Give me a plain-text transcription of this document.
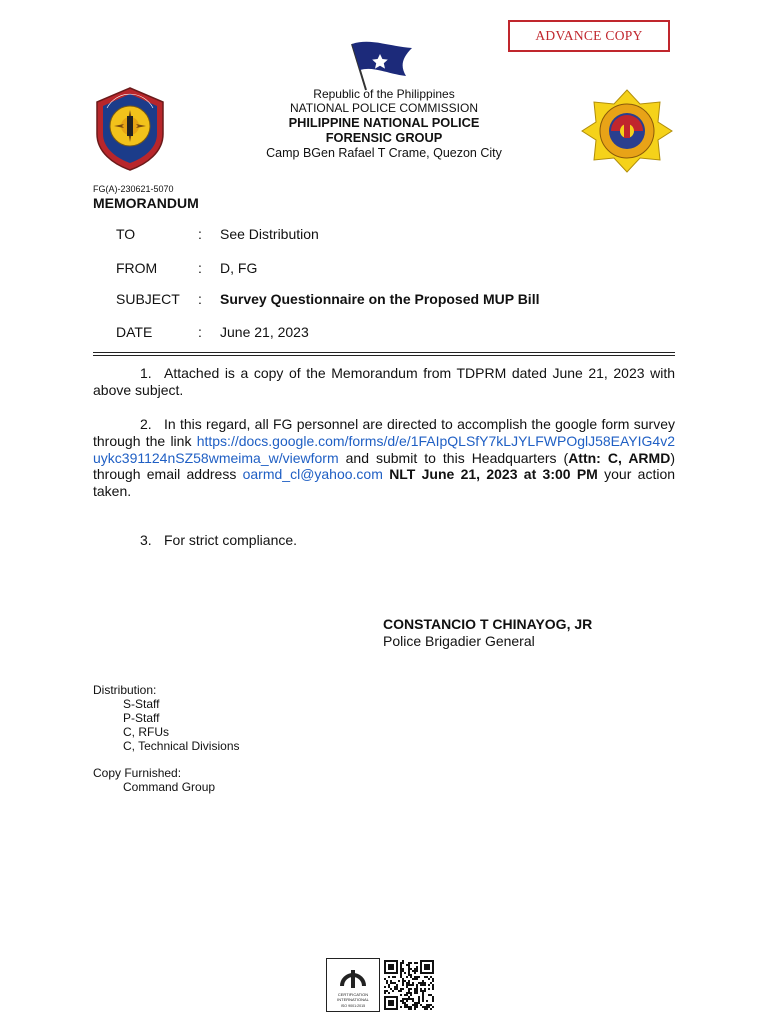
ADVANCE COPY
Republic of the Philippines
NATIONAL POLICE COMMISSION
PHILIPPINE NATIONAL POLICE
FORENSIC GROUP
Camp BGen Rafael T Crame, Quezon City
FG(A)-230621-5070
MEMORANDUM
TO	:	See Distribution
FROM	:	D, FG
SUBJECT	:	Survey Questionnaire on the Proposed MUP Bill
DATE	:	June 21, 2023
1. Attached is a copy of the Memorandum from TDPRM dated June 21, 2023 with above subject.
2. In this regard, all FG personnel are directed to accomplish the google form survey through the link https://docs.google.com/forms/d/e/1FAIpQLSfY7kLJYLFWPOglJ58EAYIG4v2uykc391124nSZ58wmeima_w/viewform and submit to this Headquarters (Attn: C, ARMD) through email address oarmd_cl@yahoo.com NLT June 21, 2023 at 3:00 PM your action taken.
3. For strict compliance.
CONSTANCIO T CHINAYOG, JR
Police Brigadier General
Distribution:
S-Staff
P-Staff
C, RFUs
C, Technical Divisions
Copy Furnished:
Command Group
CERTIFICATION
INTERNATIONAL
ISO 9001:2015
